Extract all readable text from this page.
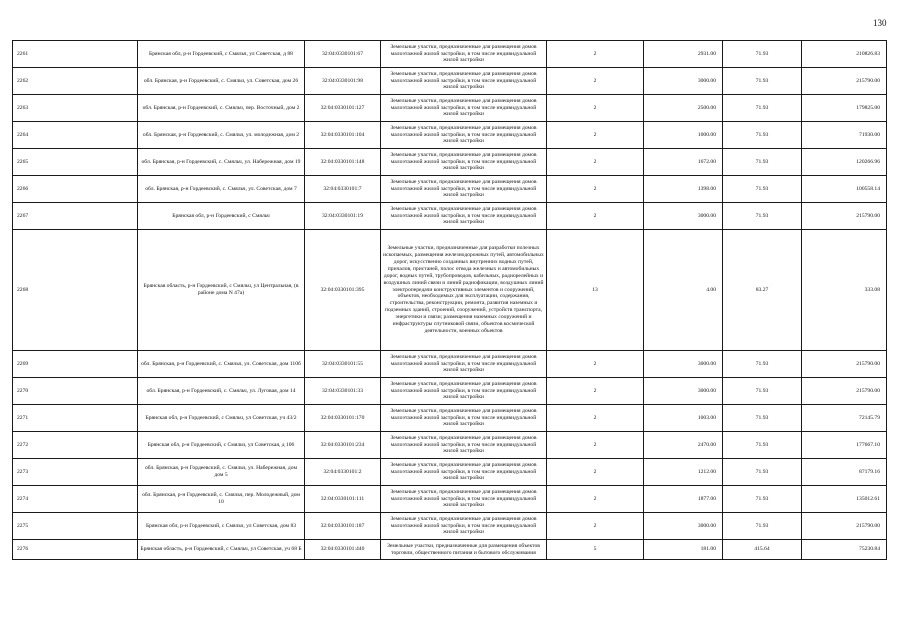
130
2261	Брянская обл, р-н Гордеевский, с Смяльч, ул Советская, д 88	32:04:0330101:67	Земельные участки, предназначенные для размещения домов малоэтажной жилой застройки, в том числе индивидуальной жилой застройки	2	2931.00	71.93	210826.83
2262	обл. Брянская, р-н Гордеевский, с. Смяльч, ул. Советская, дом 26	32:04:0330101:98	Земельные участки, предназначенные для размещения домов малоэтажной жилой застройки, в том числе индивидуальной жилой застройки	2	3000.00	71.93	215790.00
2263	обл. Брянская, р-н Гордеевский, с. Смяльч, пер. Восточный, дом 2	32:04:0330101:127	Земельные участки, предназначенные для размещения домов малоэтажной жилой застройки, в том числе индивидуальной жилой застройки	2	2500.00	71.93	179825.00
2264	обл. Брянская, р-н Гордеевский, с. Смяльч, ул. молодежная, дом 2	32:04:0330101:104	Земельные участки, предназначенные для размещения домов малоэтажной жилой застройки, в том числе индивидуальной жилой застройки	2	1000.00	71.93	71930.00
2265	обл. Брянская, р-н Гордеевский, с. Смяльч, ул. Набережная, дом 19	32:04:0330101:148	Земельные участки, предназначенные для размещения домов малоэтажной жилой застройки, в том числе индивидуальной жилой застройки	2	1672.00	71.93	120266.96
2266	обл. Брянская, р-н Гордеевский, с. Смяльч, ул. Советская, дом 7	32:04:0330101:7	Земельные участки, предназначенные для размещения домов малоэтажной жилой застройки, в том числе индивидуальной жилой застройки	2	1398.00	71.93	100558.14
2267	Брянская обл, р-н Гордеевский, с Смяльч	32:04:0330101:19	Земельные участки, предназначенные для размещения домов малоэтажной жилой застройки, в том числе индивидуальной жилой застройки	2	3000.00	71.93	215790.00
2268	Брянская область, р-н Гордеевский, с Смяльч, ул Центральная, (в районе дома N 47а)	32:04:0330101:395	Земельные участки, предназначенные для разработки полезных ископаемых, размещения железнодорожных путей, автомобильных дорог, искусственно созданных внутренних водных путей, причалов, пристаней, полос отвода железных и автомобильных дорог, водных путей, трубопроводов, кабельных, радиорелейных и воздушных линий связи и линий радиофикации, воздушных линий электропередачи конструктивных элементов и сооружений, объектов, необходимых для эксплуатации, содержания, строительства, реконструкции, ремонта, развития наземных и подземных зданий, строений, сооружений, устройств транспорта, энергетики и связи; размещения наземных сооружений и инфраструктуры спутниковой связи, объектов космической деятельности, военных объектов	13	4.00	83.27	333.08
2269	обл. Брянская, р-н Гордеевский, с. Смяльч, ул. Советская, дом 110б	32:04:0330101:55	Земельные участки, предназначенные для размещения домов малоэтажной жилой застройки, в том числе индивидуальной жилой застройки	2	3000.00	71.93	215790.00
2270	обл. Брянская, р-н Гордеевский, с. Смяльч, ул. Луговая, дом 14	32:04:0330101:33	Земельные участки, предназначенные для размещения домов малоэтажной жилой застройки, в том числе индивидуальной жилой застройки	2	3000.00	71.93	215790.00
2271	Брянская обл, р-н Гордеевский, с Смяльч, ул Советская, уч 43/2	32:04:0330101:170	Земельные участки, предназначенные для размещения домов малоэтажной жилой застройки, в том числе индивидуальной жилой застройки	2	1003.00	71.93	72145.79
2272	Брянская обл, р-н Гордеевский, с Смяльч, ул Советская, д 106	32:04:0330101:234	Земельные участки, предназначенные для размещения домов малоэтажной жилой застройки, в том числе индивидуальной жилой застройки	2	2470.00	71.93	177667.10
2273	обл. Брянская, р-н Гордеевский, с. Смяльч, ул. Набережная, дом дом 5	32:04:0330101:2	Земельные участки, предназначенные для размещения домов малоэтажной жилой застройки, в том числе индивидуальной жилой застройки	2	1212.00	71.93	87179.16
2274	обл. Брянская, р-н Гордеевский, с. Смяльч, пер. Молодежный, дом 10	32:04:0330101:111	Земельные участки, предназначенные для размещения домов малоэтажной жилой застройки, в том числе индивидуальной жилой застройки	2	1877.00	71.93	135012.61
2275	Брянская обл, р-н Гордеевский, с Смяльч, ул Советская, дом 83	32:04:0330101:187	Земельные участки, предназначенные для размещения домов малоэтажной жилой застройки, в том числе индивидуальной жилой застройки	2	3000.00	71.93	215790.00
2276	Брянская область, р-н Гордеевский, с Смяльч, ул Советская, уч 68 Б	32:04:0330101:440	Земельные участки, предназначенные для размещения объектов торговли, общественного питания и бытового обслуживания	5	181.00	415.64	75230.84
